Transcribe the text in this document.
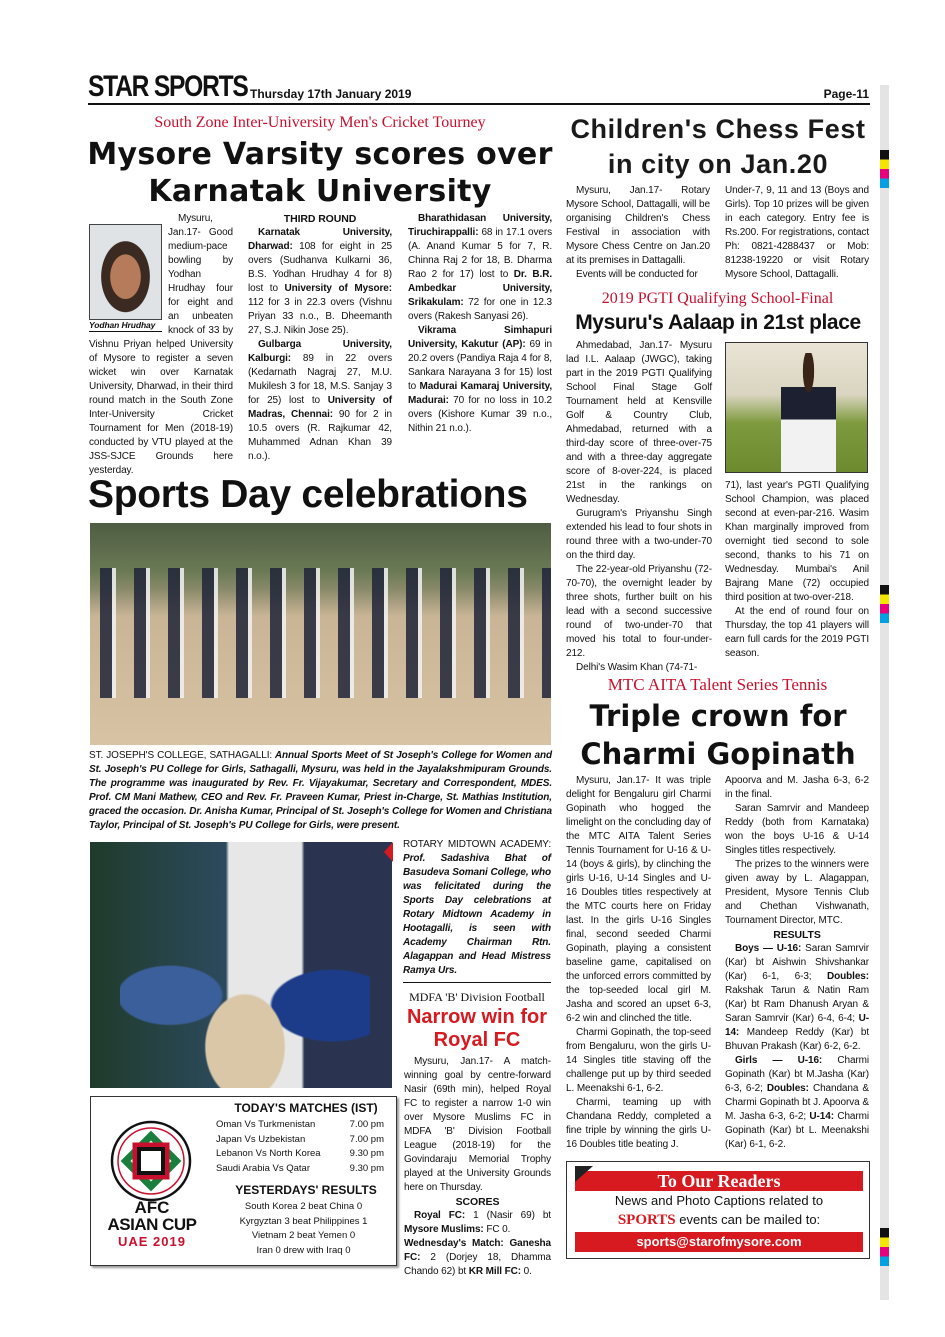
STAR SPORTS Thursday 17th January 2019	Page-11
South Zone Inter-University Men's Cricket Tourney
Mysore Varsity scores over Karnatak University
Yodhan Hrudhay

Mysuru, Jan.17- Good medium-pace bowling by Yodhan Hrudhay four for eight and an unbeaten knock of 33 by Vishnu Priyan helped University of Mysore to register a seven wicket win over Karnatak University, Dharwad, in their third round match in the South Zone Inter-University Cricket Tournament for Men (2018-19) conducted by VTU played at the JSS-SJCE Grounds here yesterday.

THIRD ROUND

Karnatak University, Dharwad: 108 for eight in 25 overs (Sudhanva Kulkarni 36, B.S. Yodhan Hrudhay 4 for 8) lost to University of Mysore: 112 for 3 in 22.3 overs (Vishnu Priyan 33 n.o., B. Dheemanth 27, S.J. Nikin Jose 25).

Gulbarga University, Kalburgi: 89 in 22 overs (Kedarnath Nagraj 27, M.U. Mukilesh 3 for 18, M.S. Sanjay 3 for 25) lost to University of Madras, Chennai: 90 for 2 in 10.5 overs (R. Rajkumar 42, Muhammed Adnan Khan 39 n.o.).

Bharathidasan University, Tiruchirappalli: 68 in 17.1 overs (A. Anand Kumar 5 for 7, R. Chinna Raj 2 for 18, B. Dharma Rao 2 for 17) lost to Dr. B.R. Ambedkar University, Srikakulam: 72 for one in 12.3 overs (Rakesh Sanyasi 26).

Vikrama Simhapuri University, Kakutur (AP): 69 in 20.2 overs (Pandiya Raja 4 for 8, Sankara Narayana 3 for 15) lost to Madurai Kamaraj University, Madurai: 70 for no loss in 10.2 overs (Kishore Kumar 39 n.o., Nithin 21 n.o.).

Sports Day celebrations
ST. JOSEPH'S COLLEGE, SATHAGALLI: Annual Sports Meet of St Joseph's College for Women and St. Joseph's PU College for Girls, Sathagalli, Mysuru, was held in the Jayalakshmipuram Grounds. The programme was inaugurated by Rev. Fr. Vijayakumar, Secretary and Correspondent, MDES. Prof. CM Mani Mathew, CEO and Rev. Fr. Praveen Kumar, Priest in-Charge, St. Mathias Institution, graced the occasion. Dr. Anisha Kumar, Principal of St. Joseph's College for Women and Christiana Taylor, Principal of St. Joseph's PU College for Girls, were present.
ROTARY MIDTOWN ACADEMY: Prof. Sadashiva Bhat of Basudeva Somani College, who was felicitated during the Sports Day celebrations at Rotary Midtown Academy in Hootagalli, is seen with Academy Chairman Rtn. Alagappan and Head Mistress Ramya Urs.
MDFA 'B' Division Football
Narrow win for Royal FC

Mysuru, Jan.17- A match-winning goal by centre-forward Nasir (69th min), helped Royal FC to register a narrow 1-0 win over Mysore Muslims FC in MDFA 'B' Division Football League (2018-19) for the Govindaraju Memorial Trophy played at the University Grounds here on Thursday.

SCORES

Royal FC: 1 (Nasir 69) bt Mysore Muslims: FC 0.

Wednesday's Match: Ganesha FC: 2 (Dorjey 18, Dhamma Chando 62) bt KR Mill FC: 0.

AFC
ASIAN CUP
UAE 2019
TODAY'S MATCHES (IST)
Oman Vs Turkmenistan	7.00 pm
Japan Vs Uzbekistan	7.00 pm
Lebanon Vs North Korea	9.30 pm
Saudi Arabia Vs Qatar	9.30 pm
YESTERDAYS' RESULTS
South Korea 2 beat China 0
Kyrgyztan 3 beat Philippines 1
Vietnam 2 beat Yemen 0
Iran 0 drew with Iraq 0
Children's Chess Fest in city on Jan.20

Mysuru, Jan.17- Rotary Mysore School, Dattagalli, will be organising Children's Chess Festival in association with Mysore Chess Centre on Jan.20 at its premises in Dattagalli.

Events will be conducted for

Under-7, 9, 11 and 13 (Boys and Girls). Top 10 prizes will be given in each category. Entry fee is Rs.200. For registrations, contact Ph: 0821-4288437 or Mob: 81238-19220 or visit Rotary Mysore School, Dattagalli.

2019 PGTI Qualifying School-Final
Mysuru's Aalaap in 21st place

Ahmedabad, Jan.17- Mysuru lad I.L. Aalaap (JWGC), taking part in the 2019 PGTI Qualifying School Final Stage Golf Tournament held at Kensville Golf & Country Club, Ahmedabad, returned with a third-day score of three-over-75 and with a three-day aggregate score of 8-over-224, is placed 21st in the rankings on Wednesday.

Gurugram's Priyanshu Singh extended his lead to four shots in round three with a two-under-70 on the third day.

The 22-year-old Priyanshu (72-70-70), the overnight leader by three shots, further built on his lead with a second successive round of two-under-70 that moved his total to four-under-212.

Delhi's Wasim Khan (74-71-

71), last year's PGTI Qualifying School Champion, was placed second at even-par-216. Wasim Khan marginally improved from overnight tied second to sole second, thanks to his 71 on Wednesday. Mumbai's Anil Bajrang Mane (72) occupied third position at two-over-218.

At the end of round four on Thursday, the top 41 players will earn full cards for the 2019 PGTI season.

MTC AITA Talent Series Tennis
Triple crown for Charmi Gopinath

Mysuru, Jan.17- It was triple delight for Bengaluru girl Charmi Gopinath who hogged the limelight on the concluding day of the MTC AITA Talent Series Tennis Tournament for U-16 & U-14 (boys & girls), by clinching the girls U-16, U-14 Singles and U-16 Doubles titles respectively at the MTC courts here on Friday last. In the girls U-16 Singles final, second seeded Charmi Gopinath, playing a consistent baseline game, capitalised on the unforced errors committed by the top-seeded local girl M. Jasha and scored an upset 6-3, 6-2 win and clinched the title.

Charmi Gopinath, the top-seed from Bengaluru, won the girls U-14 Singles title staving off the challenge put up by third seeded L. Meenakshi 6-1, 6-2.

Charmi, teaming up with Chandana Reddy, completed a fine triple by winning the girls U-16 Doubles title beating J.

Apoorva and M. Jasha 6-3, 6-2 in the final.

Saran Samrvir and Mandeep Reddy (both from Karnataka) won the boys U-16 & U-14 Singles titles respectively.

The prizes to the winners were given away by L. Alagappan, President, Mysore Tennis Club and Chethan Vishwanath, Tournament Director, MTC.

RESULTS

Boys — U-16: Saran Samrvir (Kar) bt Aishwin Shivshankar (Kar) 6-1, 6-3; Doubles: Rakshak Tarun & Natin Ram (Kar) bt Ram Dhanush Aryan & Saran Samrvir (Kar) 6-4, 6-4; U-14: Mandeep Reddy (Kar) bt Bhuvan Prakash (Kar) 6-2, 6-2.

Girls — U-16: Charmi Gopinath (Kar) bt M.Jasha (Kar) 6-3, 6-2; Doubles: Chandana & Charmi Gopinath bt J. Apoorva & M. Jasha 6-3, 6-2; U-14: Charmi Gopinath (Kar) bt L. Meenakshi (Kar) 6-1, 6-2.

To Our Readers
News and Photo Captions related to
SPORTS events can be mailed to:
sports@starofmysore.com
